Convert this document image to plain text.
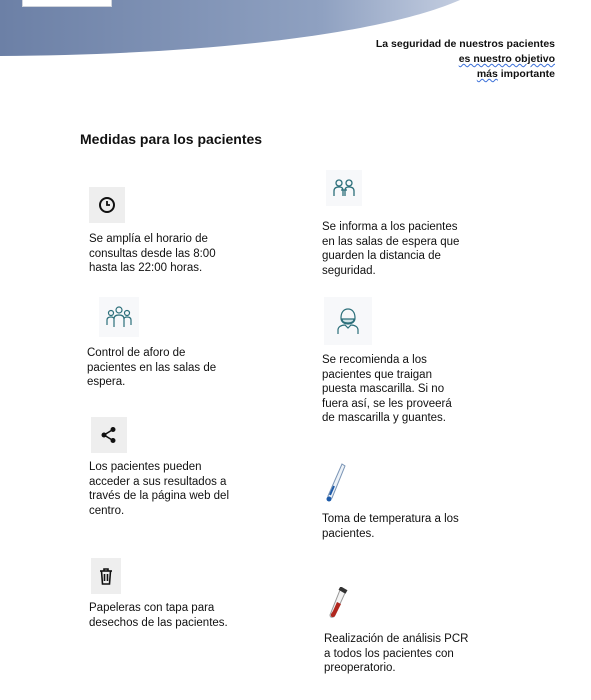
La seguridad de nuestros pacientes
es nuestro objetivo
más importante
Medidas para los pacientes
Se amplía el horario de
consultas desde las 8:00
hasta las 22:00 horas.
Se informa a los pacientes
en las salas de espera que
guarden la distancia de
seguridad.
Control de aforo de
pacientes en las salas de
espera.
Se recomienda a los
pacientes que traigan
puesta mascarilla. Si no
fuera así, se les proveerá
de mascarilla y guantes.
Los pacientes pueden
acceder a sus resultados a
través de la página web del
centro.
Toma de temperatura a los
pacientes.
Papeleras con tapa para
desechos de las pacientes.
Realización de análisis PCR
a todos los pacientes con
preoperatorio.
